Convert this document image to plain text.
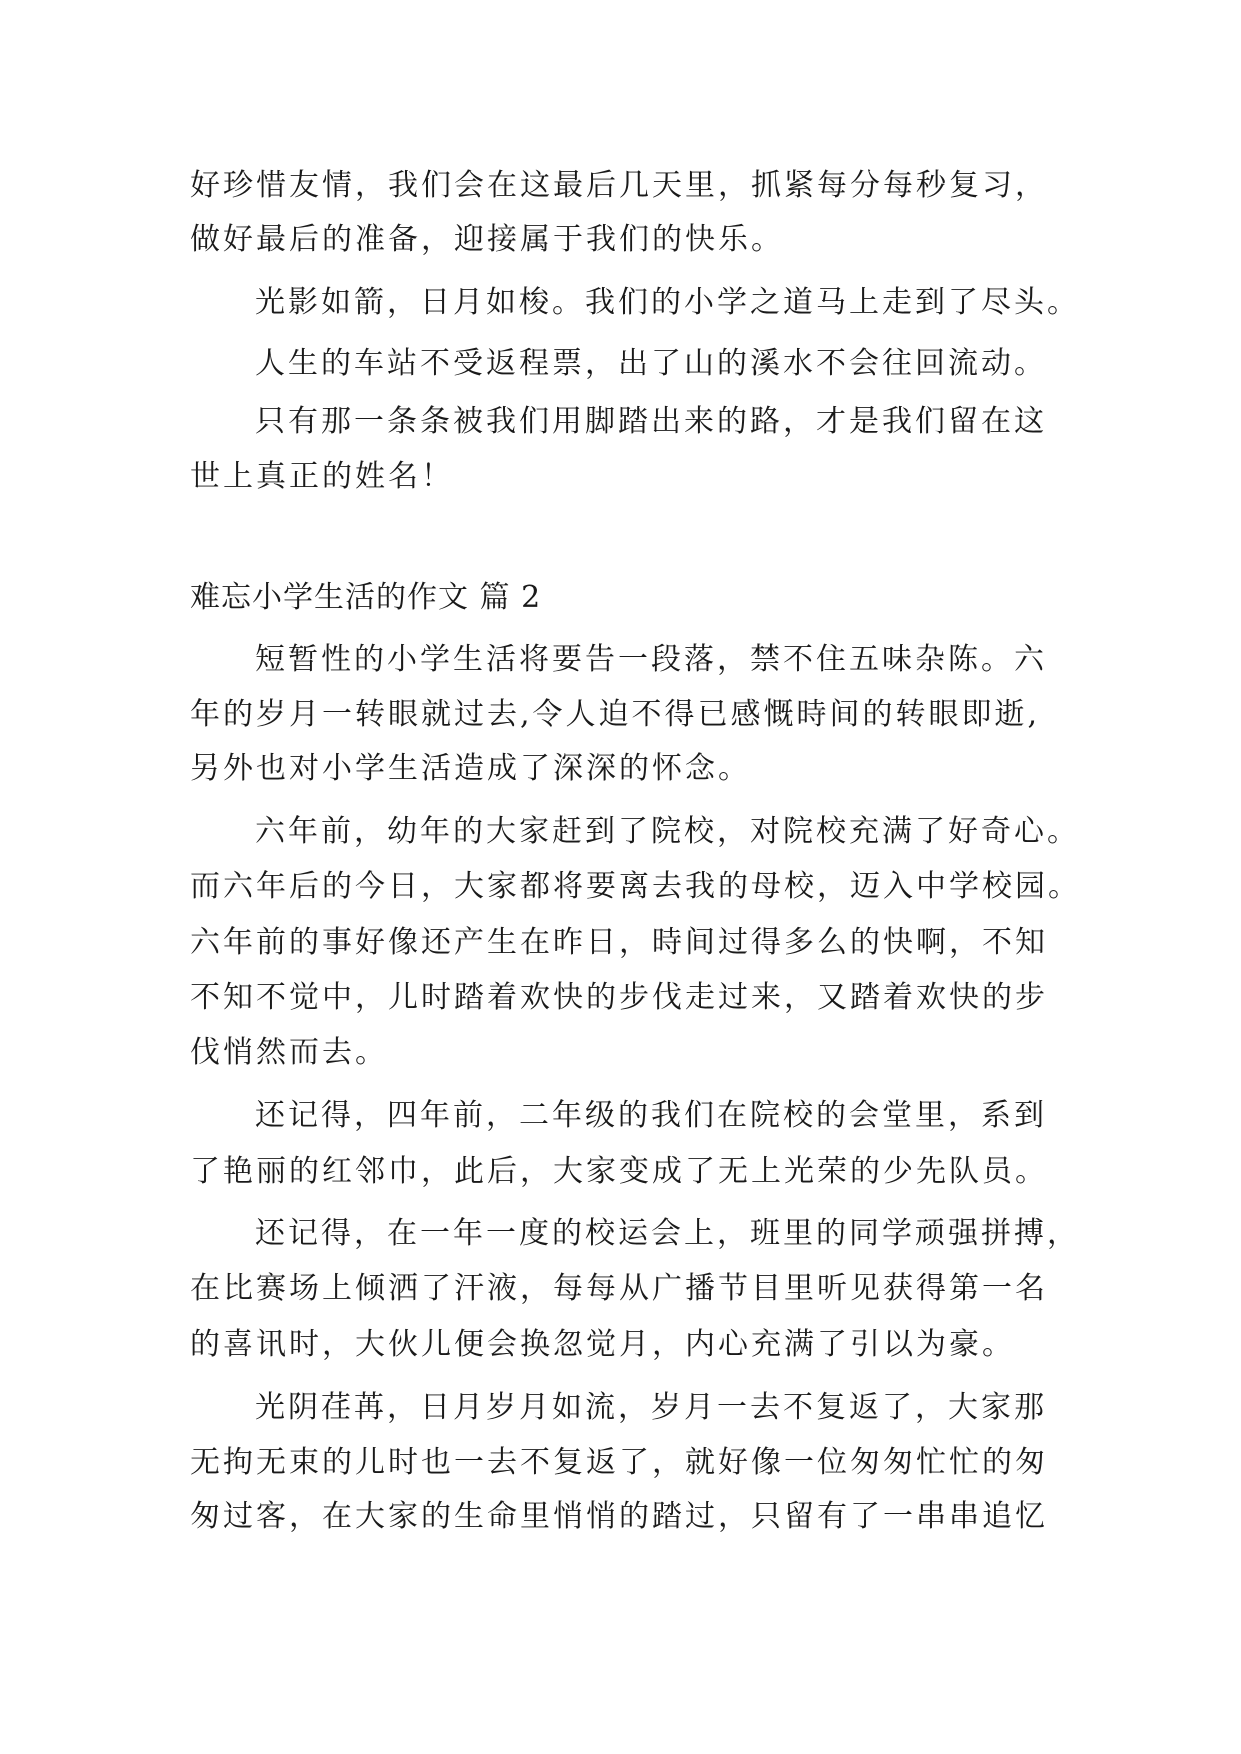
好珍惜友情，我们会在这最后几天里，抓紧每分每秒复习，
做好最后的准备，迎接属于我们的快乐。
光影如箭，日月如梭。我们的小学之道马上走到了尽头。
人生的车站不受返程票，出了山的溪水不会往回流动。
只有那一条条被我们用脚踏出来的路，才是我们留在这
世上真正的姓名！
难忘小学生活的作文 篇 2
短暂性的小学生活将要告一段落，禁不住五味杂陈。六
年的岁月一转眼就过去,令人迫不得已感慨時间的转眼即逝,
另外也对小学生活造成了深深的怀念。
六年前，幼年的大家赶到了院校，对院校充满了好奇心。
而六年后的今日，大家都将要离去我的母校，迈入中学校园。
六年前的事好像还产生在昨日，時间过得多么的快啊，不知
不知不觉中，儿时踏着欢快的步伐走过来，又踏着欢快的步
伐悄然而去。
还记得，四年前，二年级的我们在院校的会堂里，系到
了艳丽的红邻巾，此后，大家变成了无上光荣的少先队员。
还记得，在一年一度的校运会上，班里的同学顽强拼搏，
在比赛场上倾洒了汗液，每每从广播节目里听见获得第一名
的喜讯时，大伙儿便会换忽觉月，内心充满了引以为豪。
光阴荏苒，日月岁月如流，岁月一去不复返了，大家那
无拘无束的儿时也一去不复返了，就好像一位匆匆忙忙的匆
匆过客，在大家的生命里悄悄的踏过，只留有了一串串追忆
